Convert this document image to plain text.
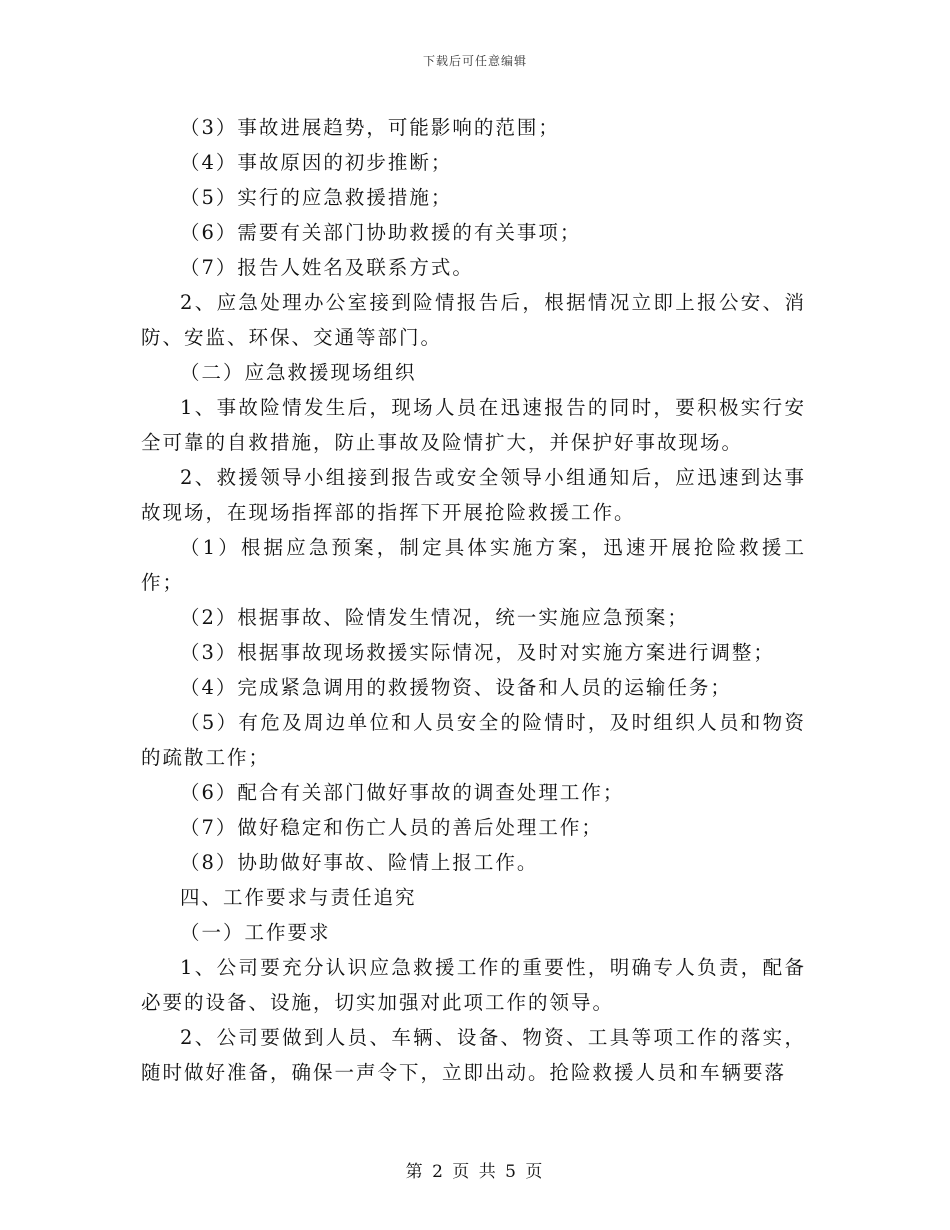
下载后可任意编辑

（3）事故进展趋势，可能影响的范围；

（4）事故原因的初步推断；

（5）实行的应急救援措施；

（6）需要有关部门协助救援的有关事项；

（7）报告人姓名及联系方式。

2、应急处理办公室接到险情报告后，根据情况立即上报公安、消防、安监、环保、交通等部门。

（二）应急救援现场组织

1、事故险情发生后，现场人员在迅速报告的同时，要积极实行安全可靠的自救措施，防止事故及险情扩大，并保护好事故现场。

2、救援领导小组接到报告或安全领导小组通知后，应迅速到达事故现场，在现场指挥部的指挥下开展抢险救援工作。

（1）根据应急预案，制定具体实施方案，迅速开展抢险救援工作；

（2）根据事故、险情发生情况，统一实施应急预案；

（3）根据事故现场救援实际情况，及时对实施方案进行调整；

（4）完成紧急调用的救援物资、设备和人员的运输任务；

（5）有危及周边单位和人员安全的险情时，及时组织人员和物资的疏散工作；

（6）配合有关部门做好事故的调查处理工作；

（7）做好稳定和伤亡人员的善后处理工作；

（8）协助做好事故、险情上报工作。

四、工作要求与责任追究

（一）工作要求

1、公司要充分认识应急救援工作的重要性，明确专人负责，配备必要的设备、设施，切实加强对此项工作的领导。

2、公司要做到人员、车辆、设备、物资、工具等项工作的落实，随时做好准备，确保一声令下，立即出动。抢险救援人员和车辆要落

第 2 页 共 5 页
